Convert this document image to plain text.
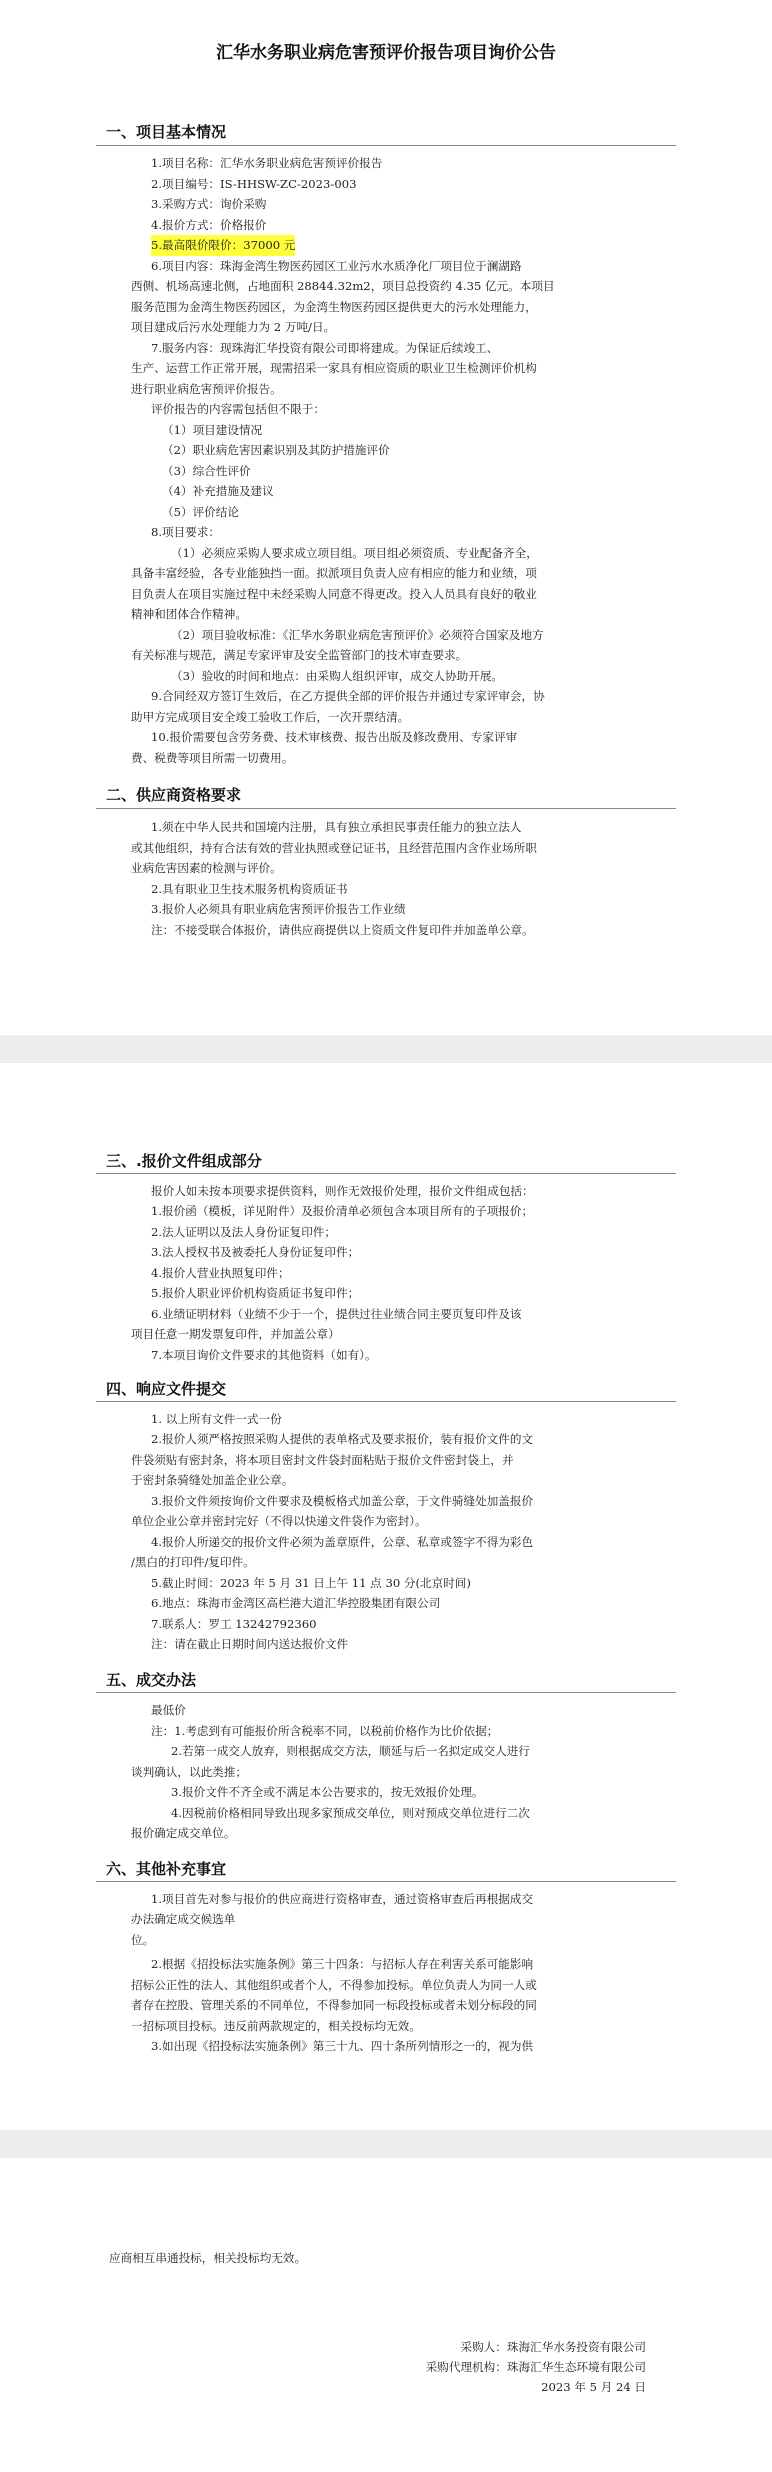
汇华水务职业病危害预评价报告项目询价公告
一、项目基本情况
1.项目名称：汇华水务职业病危害预评价报告
2.项目编号：IS-HHSW-ZC-2023-003
3.采购方式：询价采购
4.报价方式：价格报价
5.最高限价限价：37000 元
6.项目内容：珠海金湾生物医药园区工业污水水质净化厂项目位于澜湖路
西侧、机场高速北侧，占地面积 28844.32m2，项目总投资约 4.35 亿元。本项目
服务范围为金湾生物医药园区，为金湾生物医药园区提供更大的污水处理能力，
项目建成后污水处理能力为 2 万吨/日。
7.服务内容：现珠海汇华投资有限公司即将建成。为保证后续竣工、
生产、运营工作正常开展，现需招采一家具有相应资质的职业卫生检测评价机构
进行职业病危害预评价报告。
评价报告的内容需包括但不限于：
（1）项目建设情况
（2）职业病危害因素识别及其防护措施评价
（3）综合性评价
（4）补充措施及建议
（5）评价结论
8.项目要求：
（1）必须应采购人要求成立项目组。项目组必须资质、专业配备齐全，
具备丰富经验，各专业能独挡一面。拟派项目负责人应有相应的能力和业绩，项
目负责人在项目实施过程中未经采购人同意不得更改。投入人员具有良好的敬业
精神和团体合作精神。
（2）项目验收标准：《汇华水务职业病危害预评价》必须符合国家及地方
有关标准与规范，满足专家评审及安全监管部门的技术审查要求。
（3）验收的时间和地点：由采购人组织评审，成交人协助开展。
9.合同经双方签订生效后，在乙方提供全部的评价报告并通过专家评审会，协
助甲方完成项目安全竣工验收工作后，一次开票结清。
10.报价需要包含劳务费、技术审核费、报告出版及修改费用、专家评审
费、税费等项目所需一切费用。
二、供应商资格要求
1.须在中华人民共和国境内注册，具有独立承担民事责任能力的独立法人
或其他组织，持有合法有效的营业执照或登记证书，且经营范围内含作业场所职
业病危害因素的检测与评价。
2.具有职业卫生技术服务机构资质证书
3.报价人必须具有职业病危害预评价报告工作业绩
注：不接受联合体报价，请供应商提供以上资质文件复印件并加盖单公章。
三、.报价文件组成部分
报价人如未按本项要求提供资料，则作无效报价处理，报价文件组成包括：
1.报价函（模板，详见附件）及报价清单必须包含本项目所有的子项报价；
2.法人证明以及法人身份证复印件；
3.法人授权书及被委托人身份证复印件；
4.报价人营业执照复印件；
5.报价人职业评价机构资质证书复印件；
6.业绩证明材料（业绩不少于一个，提供过往业绩合同主要页复印件及该
项目任意一期发票复印件，并加盖公章）
7.本项目询价文件要求的其他资料（如有）。
四、响应文件提交
1. 以上所有文件一式一份
2.报价人须严格按照采购人提供的表单格式及要求报价，装有报价文件的文
件袋须贴有密封条，将本项目密封文件袋封面粘贴于报价文件密封袋上，并
于密封条骑缝处加盖企业公章。
3.报价文件须按询价文件要求及模板格式加盖公章，于文件骑缝处加盖报价
单位企业公章并密封完好（不得以快递文件袋作为密封）。
4.报价人所递交的报价文件必须为盖章原件，公章、私章或签字不得为彩色
/黑白的打印件/复印件。
5.截止时间：2023 年 5 月 31 日上午 11 点 30 分(北京时间)
6.地点：珠海市金湾区高栏港大道汇华控股集团有限公司
7.联系人：罗工 13242792360
注：请在截止日期时间内送达报价文件
五、成交办法
最低价
注：1.考虑到有可能报价所含税率不同，以税前价格作为比价依据；
2.若第一成交人放弃，则根据成交方法，顺延与后一名拟定成交人进行
谈判确认，以此类推；
3.报价文件不齐全或不满足本公告要求的，按无效报价处理。
4.因税前价格相同导致出现多家预成交单位，则对预成交单位进行二次
报价确定成交单位。
六、其他补充事宜
1.项目首先对参与报价的供应商进行资格审查，通过资格审查后再根据成交
办法确定成交候选单
位。
2.根据《招投标法实施条例》第三十四条：与招标人存在利害关系可能影响
招标公正性的法人、其他组织或者个人，不得参加投标。单位负责人为同一人或
者存在控股、管理关系的不同单位，不得参加同一标段投标或者未划分标段的同
一招标项目投标。违反前两款规定的，相关投标均无效。
3.如出现《招投标法实施条例》第三十九、四十条所列情形之一的，视为供
应商相互串通投标，相关投标均无效。
采购人：珠海汇华水务投资有限公司
采购代理机构：珠海汇华生态环境有限公司
2023 年 5 月 24 日
